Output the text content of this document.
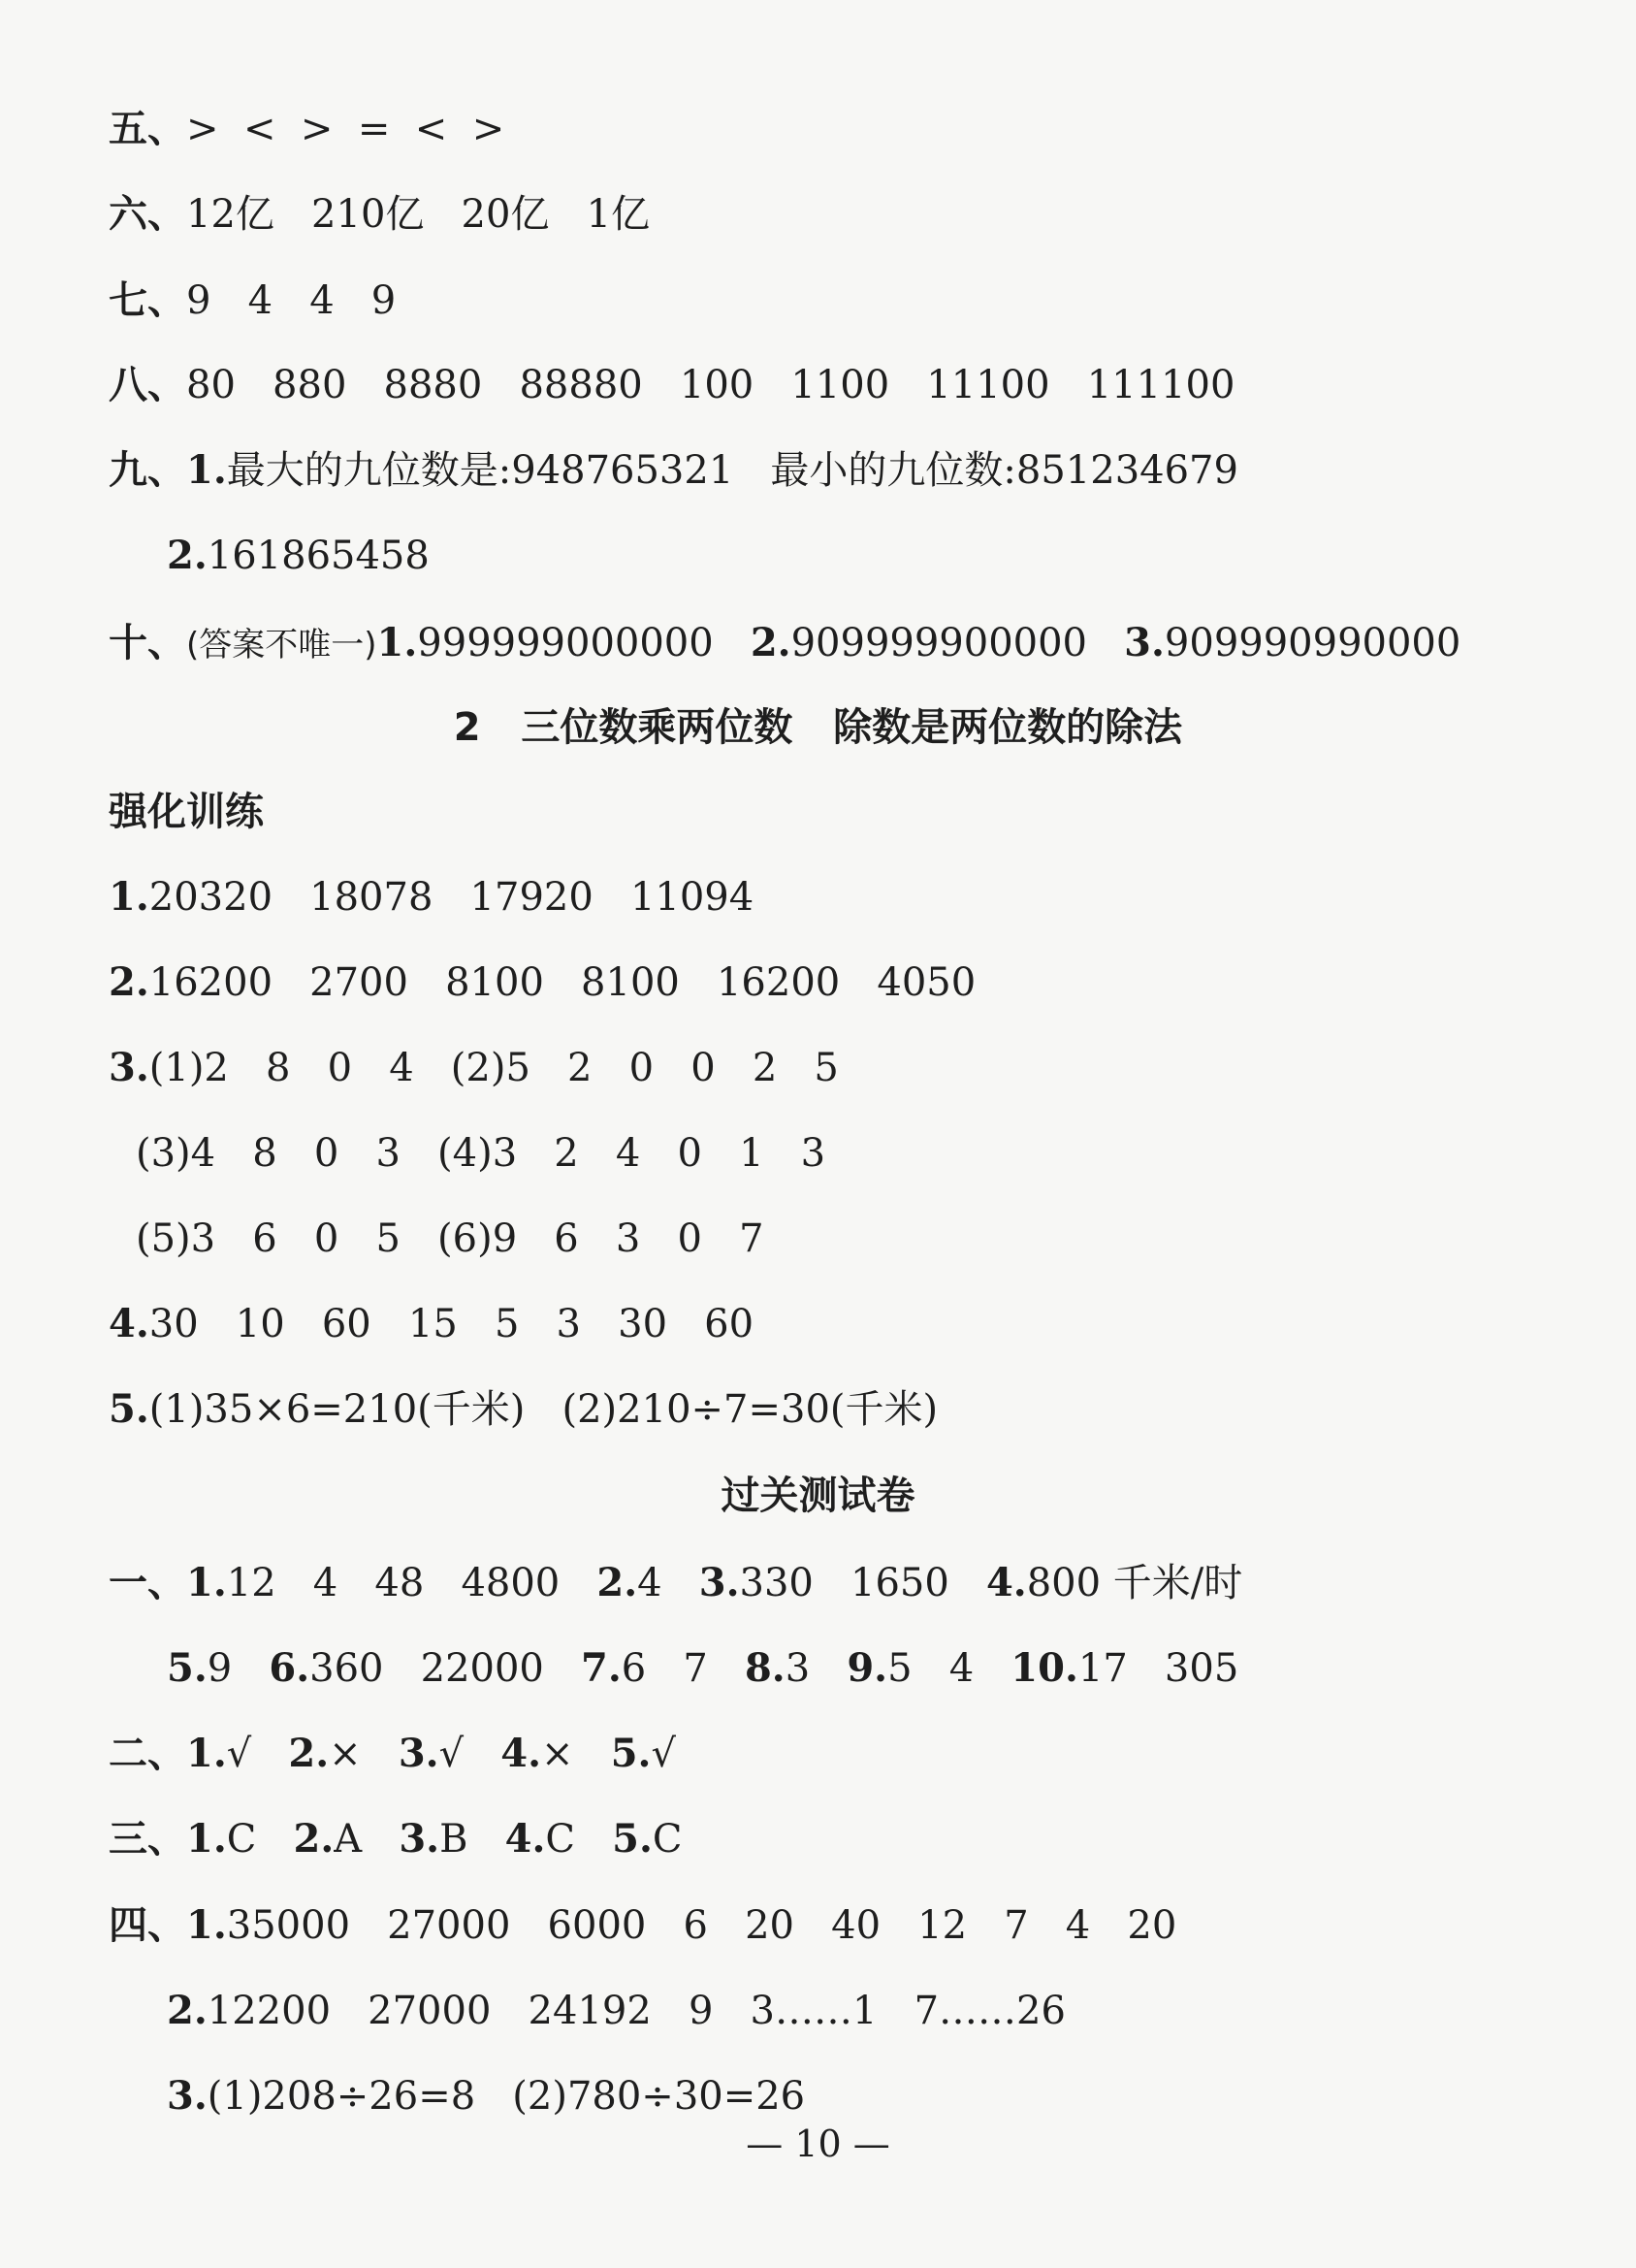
五、>  <  >  =  <  >
六、12亿   210亿   20亿   1亿
七、9   4   4   9
八、80   880   8880   88880   100   1100   11100   111100
九、1.最大的九位数是:948765321   最小的九位数:851234679
2.161865458
十、(答案不唯一)1.999999000000   2.909999900000   3.909990990000
2   三位数乘两位数   除数是两位数的除法
强化训练
1.20320   18078   17920   11094
2.16200   2700   8100   8100   16200   4050
3.(1)2   8   0   4   (2)5   2   0   0   2   5
(3)4   8   0   3   (4)3   2   4   0   1   3
(5)3   6   0   5   (6)9   6   3   0   7
4.30   10   60   15   5   3   30   60
5.(1)35×6=210(千米)   (2)210÷7=30(千米)
过关测试卷
一、1.12   4   48   4800   2.4   3.330   1650   4.800 千米/时
5.9   6.360   22000   7.6   7   8.3   9.5   4   10.17   305
二、1.√   2.×   3.√   4.×   5.√
三、1.C   2.A   3.B   4.C   5.C
四、1.35000   27000   6000   6   20   40   12   7   4   20
2.12200   27000   24192   9   3……1   7……26
3.(1)208÷26=8   (2)780÷30=26
— 10 —
